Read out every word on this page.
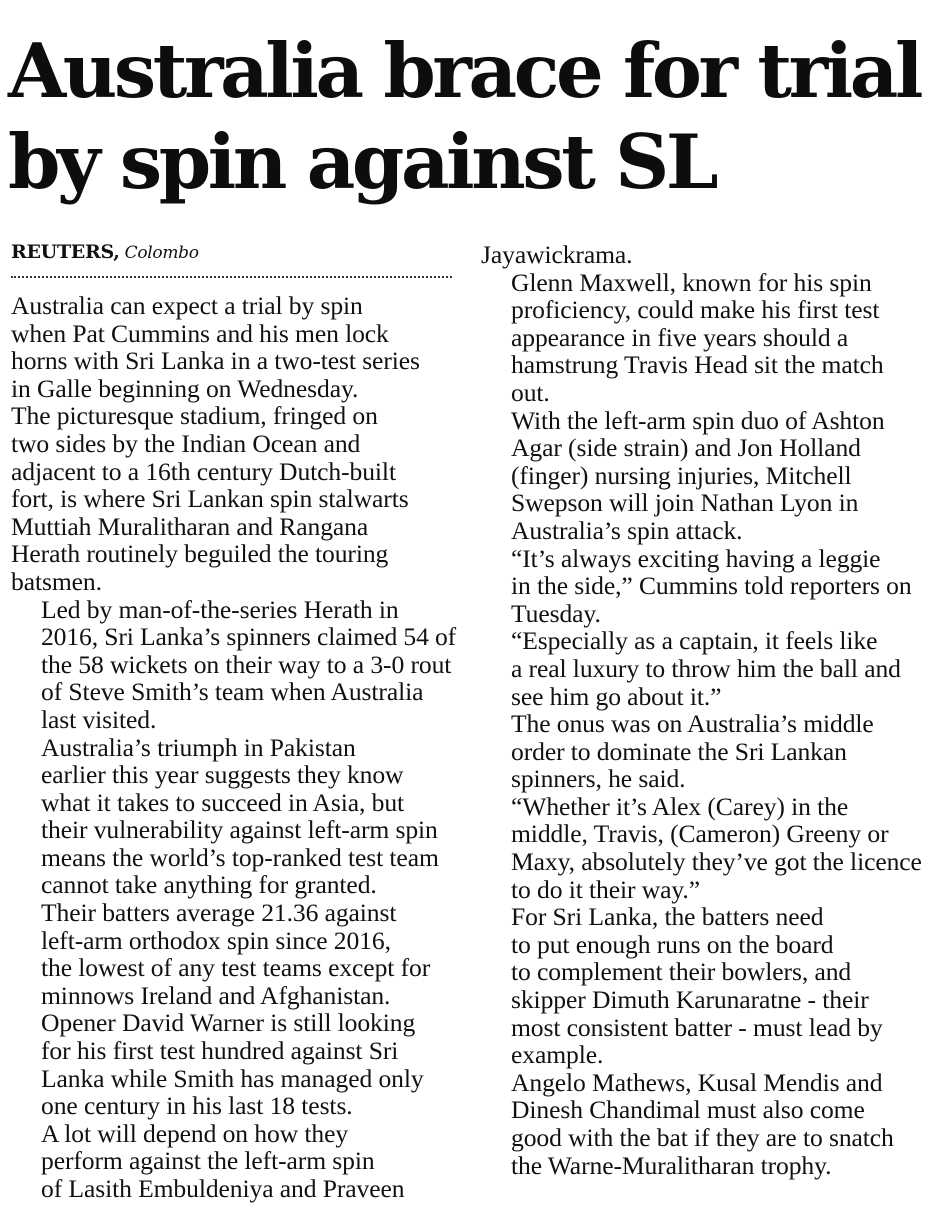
Australia brace for trial
by spin against SL
REUTERS, Colombo

Australia can expect a trial by spin
when Pat Cummins and his men lock
horns with Sri Lanka in a two-test series
in Galle beginning on Wednesday.
The picturesque stadium, fringed on
two sides by the Indian Ocean and
adjacent to a 16th century Dutch-built
fort, is where Sri Lankan spin stalwarts
Muttiah Muralitharan and Rangana
Herath routinely beguiled the touring
batsmen.

Led by man-of-the-series Herath in
2016, Sri Lanka’s spinners claimed 54 of
the 58 wickets on their way to a 3-0 rout
of Steve Smith’s team when Australia
last visited.

Australia’s triumph in Pakistan
earlier this year suggests they know
what it takes to succeed in Asia, but
their vulnerability against left-arm spin
means the world’s top-ranked test team
cannot take anything for granted.

Their batters average 21.36 against
left-arm orthodox spin since 2016,
the lowest of any test teams except for
minnows Ireland and Afghanistan.

Opener David Warner is still looking
for his first test hundred against Sri
Lanka while Smith has managed only
one century in his last 18 tests.

A lot will depend on how they
perform against the left-arm spin
of Lasith Embuldeniya and Praveen

Jayawickrama.

Glenn Maxwell, known for his spin
proficiency, could make his first test
appearance in five years should a
hamstrung Travis Head sit the match
out.

With the left-arm spin duo of Ashton
Agar (side strain) and Jon Holland
(finger) nursing injuries, Mitchell
Swepson will join Nathan Lyon in
Australia’s spin attack.

“It’s always exciting having a leggie
in the side,” Cummins told reporters on
Tuesday.

“Especially as a captain, it feels like
a real luxury to throw him the ball and
see him go about it.”

The onus was on Australia’s middle
order to dominate the Sri Lankan
spinners, he said.

“Whether it’s Alex (Carey) in the
middle, Travis, (Cameron) Greeny or
Maxy, absolutely they’ve got the licence
to do it their way.”

For Sri Lanka, the batters need
to put enough runs on the board
to complement their bowlers, and
skipper Dimuth Karunaratne - their
most consistent batter - must lead by
example.

Angelo Mathews, Kusal Mendis and
Dinesh Chandimal must also come
good with the bat if they are to snatch
the Warne-Muralitharan trophy.
